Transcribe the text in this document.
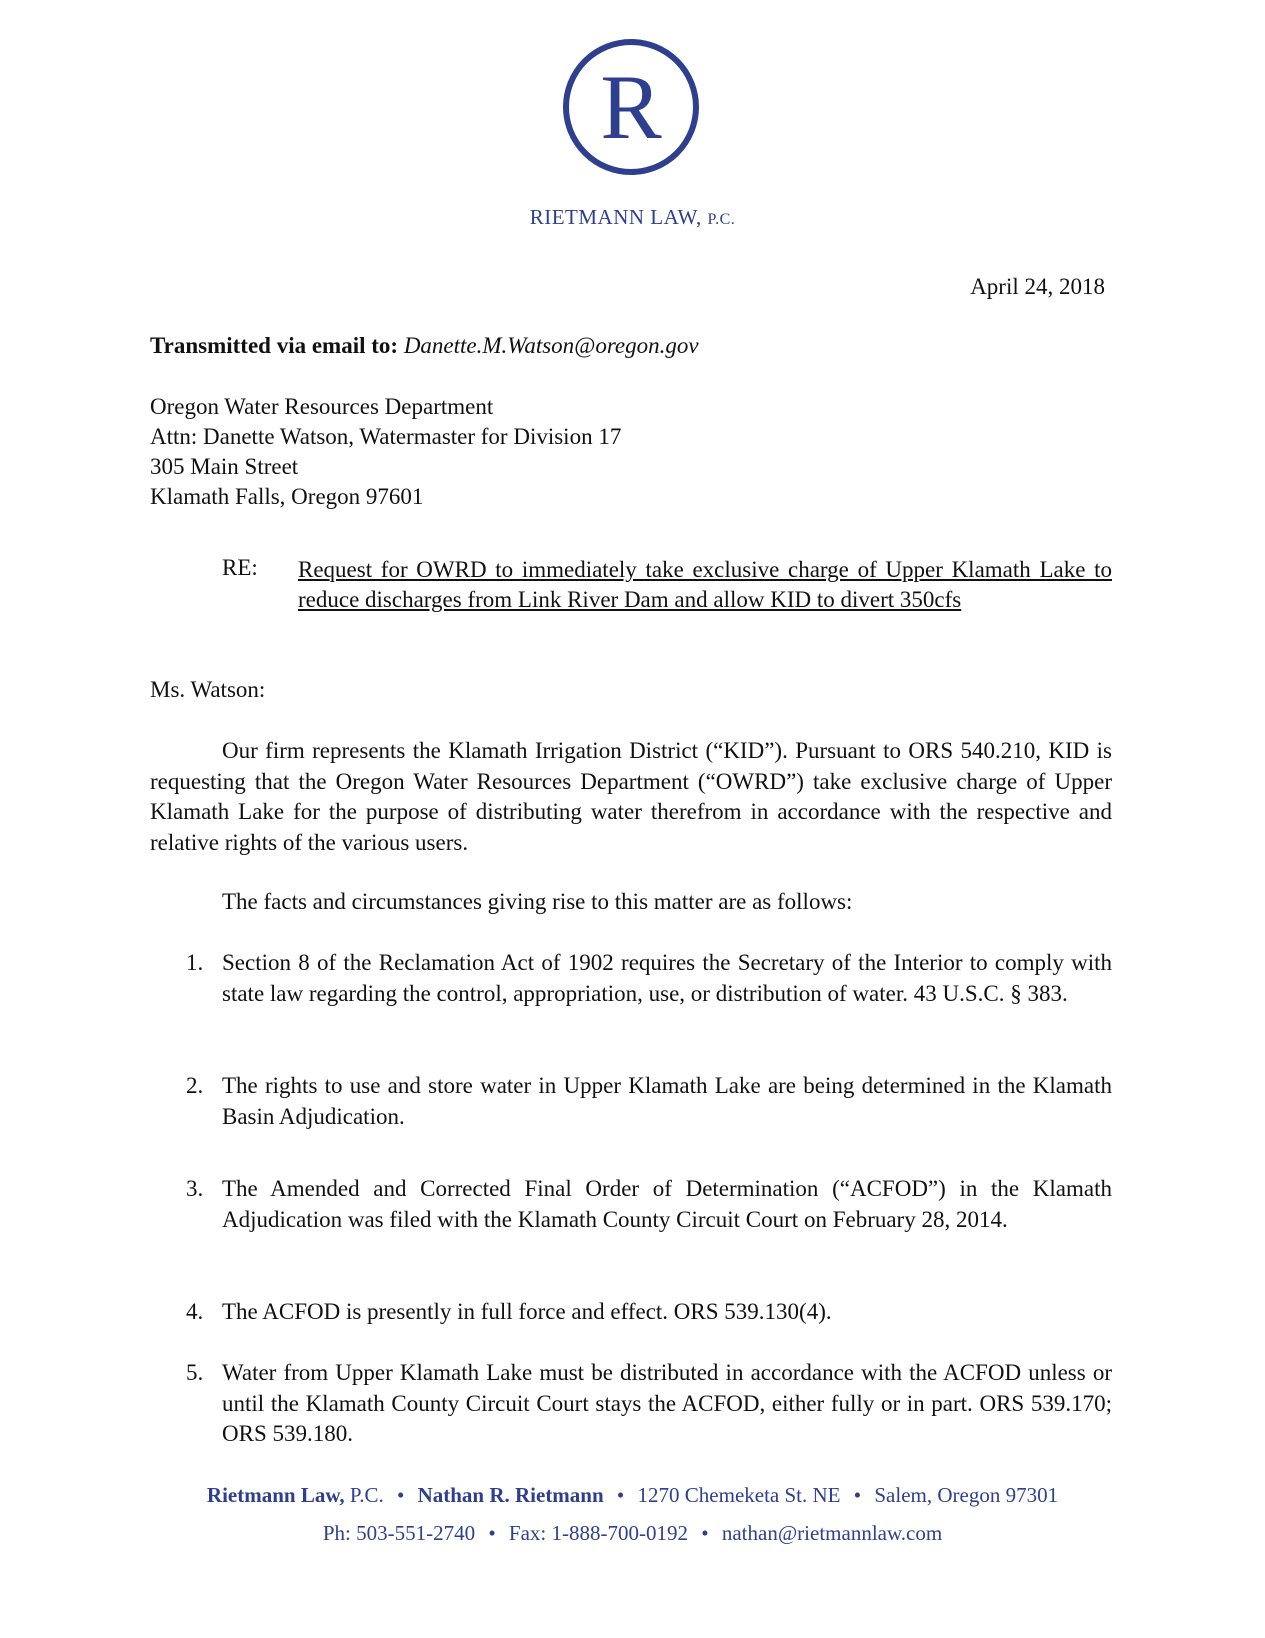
R
RIETMANN LAW, P.C.
April 24, 2018
Transmitted via email to: Danette.M.Watson@oregon.gov
Oregon Water Resources Department
Attn: Danette Watson, Watermaster for Division 17
305 Main Street
Klamath Falls, Oregon 97601
RE: Request for OWRD to immediately take exclusive charge of Upper Klamath Lake to reduce discharges from Link River Dam and allow KID to divert 350cfs
Ms. Watson:
Our firm represents the Klamath Irrigation District (“KID”). Pursuant to ORS 540.210, KID is requesting that the Oregon Water Resources Department (“OWRD”) take exclusive charge of Upper Klamath Lake for the purpose of distributing water therefrom in accordance with the respective and relative rights of the various users.
The facts and circumstances giving rise to this matter are as follows:
1. Section 8 of the Reclamation Act of 1902 requires the Secretary of the Interior to comply with state law regarding the control, appropriation, use, or distribution of water. 43 U.S.C. § 383.
2. The rights to use and store water in Upper Klamath Lake are being determined in the Klamath Basin Adjudication.
3. The Amended and Corrected Final Order of Determination (“ACFOD”) in the Klamath Adjudication was filed with the Klamath County Circuit Court on February 28, 2014.
4. The ACFOD is presently in full force and effect. ORS 539.130(4).
5. Water from Upper Klamath Lake must be distributed in accordance with the ACFOD unless or until the Klamath County Circuit Court stays the ACFOD, either fully or in part. ORS 539.170; ORS 539.180.
Rietmann Law, P.C. • Nathan R. Rietmann • 1270 Chemeketa St. NE • Salem, Oregon 97301
Ph: 503-551-2740 • Fax: 1-888-700-0192 • nathan@rietmannlaw.com
